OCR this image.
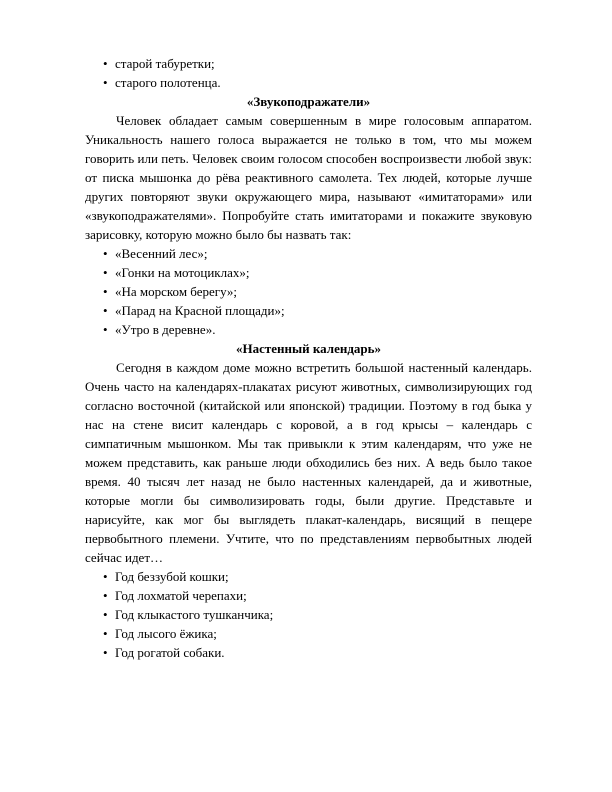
• старой табуретки;

• старого полотенца.

«Звукоподражатели»

Человек обладает самым совершенным в мире голосовым аппаратом. Уникальность нашего голоса выражается не только в том, что мы можем говорить или петь. Человек своим голосом способен воспроизвести любой звук: от писка мышонка до рёва реактивного самолета. Тех людей, которые лучше других повторяют звуки окружающего мира, называют «имитаторами» или «звукоподражателями». Попробуйте стать имитаторами и покажите звуковую зарисовку, которую можно было бы назвать так:

• «Весенний лес»;

• «Гонки на мотоциклах»;

• «На морском берегу»;

• «Парад на Красной площади»;

• «Утро в деревне».

«Настенный календарь»

Сегодня в каждом доме можно встретить большой настенный календарь. Очень часто на календарях-плакатах рисуют животных, символизирующих год согласно восточной (китайской или японской) традиции. Поэтому в год быка у нас на стене висит календарь с коровой, а в год крысы – календарь с симпатичным мышонком. Мы так привыкли к этим календарям, что уже не можем представить, как раньше люди обходились без них. А ведь было такое время. 40 тысяч лет назад не было настенных календарей, да и животные, которые могли бы символизировать годы, были другие. Представьте и нарисуйте, как мог бы выглядеть плакат-календарь, висящий в пещере первобытного племени. Учтите, что по представлениям первобытных людей сейчас идет…

• Год беззубой кошки;

• Год лохматой черепахи;

• Год клыкастого тушканчика;

• Год лысого ёжика;

• Год рогатой собаки.
